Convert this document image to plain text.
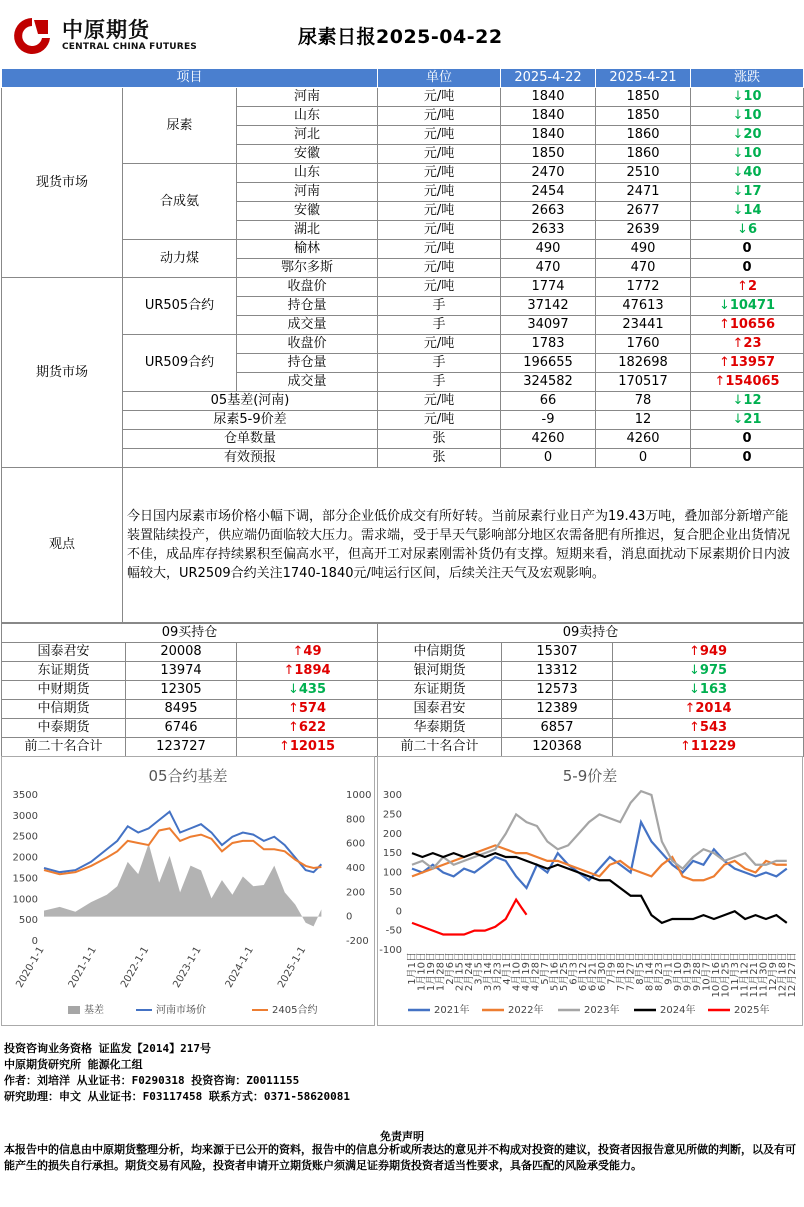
中原期货
CENTRAL CHINA FUTURES	尿素日报2025-04-22
项目			单位	2025-4-22	2025-4-21	涨跌
现货市场	尿素	河南	元/吨	1840	1850	↓10
		山东	元/吨	1840	1850	↓10
		河北	元/吨	1840	1860	↓20
		安徽	元/吨	1850	1860	↓10
	合成氨	山东	元/吨	2470	2510	↓40
		河南	元/吨	2454	2471	↓17
		安徽	元/吨	2663	2677	↓14
		湖北	元/吨	2633	2639	↓6
	动力煤	榆林	元/吨	490	490	0
		鄂尔多斯	元/吨	470	470	0
期货市场	UR505合约	收盘价	元/吨	1774	1772	↑2
		持仓量	手	37142	47613	↓10471
		成交量	手	34097	23441	↑10656
	UR509合约	收盘价	元/吨	1783	1760	↑23
		持仓量	手	196655	182698	↑13957
		成交量	手	324582	170517	↑154065
	05基差(河南)		元/吨	66	78	↓12
	尿素5-9价差		元/吨	-9	12	↓21
	仓单数量		张	4260	4260	0
	有效预报		张	0	0	0
观点	今日国内尿素市场价格小幅下调，部分企业低价成交有所好转。当前尿素行业日产为19.43万吨，叠加部分新增产能装置陆续投产，供应端仍面临较大压力。需求端，受于旱天气影响部分地区农需备肥有所推迟，复合肥企业出货情况不佳，成品库存持续累积至偏高水平，但高开工对尿素刚需补货仍有支撑。短期来看，消息面扰动下尿素期价日内波幅较大，UR2509合约关注1740-1840元/吨运行区间，后续关注天气及宏观影响。					
09买持仓			09卖持仓		
国泰君安	20008	↑49	中信期货	15307	↑949
东证期货	13974	↑1894	银河期货	13312	↓975
中财期货	12305	↓435	东证期货	12573	↓163
中信期货	8495	↑574	国泰君安	12389	↑2014
中泰期货	6746	↑622	华泰期货	6857	↑543
前二十名合计	123727	↑12015	前二十名合计	120368	↑11229
05合约基差
0
500
1000
1500
2000
2500
3000
3500
-200
0
200
400
600
800
1000
2020-1-1 2021-1-1 2022-1-1 2023-1-1 2024-1-1 2025-1-1
基差	河南市场价	2405合约
5-9价差
-100
-50
0
50
100
150
200
250
300
1月1日
1月10日
1月19日
1月28日
2月6日
2月15日
2月24日
3月5日
3月14日
3月23日
4月1日
4月10日
4月19日
4月28日
5月7日
5月16日
5月25日
6月3日
6月12日
6月21日
6月30日
7月9日
7月18日
7月27日
8月5日
8月14日
8月23日
9月1日
9月10日
9月19日
9月28日
10月7日
10月16日
10月25日
11月3日
11月12日
11月21日
11月30日
12月9日
12月18日
12月27日
2021年	2022年	2023年	2024年	2025年
投资咨询业务资格 证监发【2014】217号
中原期货研究所 能源化工组
作者：刘培洋 从业证书：F0290318 投资咨询：Z0011155
研究助理：申文 从业证书：F03117458 联系方式：0371-58620081
免责声明
本报告中的信息由中原期货整理分析，均来源于已公开的资料，报告中的信息分析或所表达的意见并不构成对投资的建议，投资者因报告意见所做的判断，以及有可能产生的损失自行承担。期货交易有风险，投资者申请开立期货账户须满足证券期货投资者适当性要求，具备匹配的风险承受能力。
